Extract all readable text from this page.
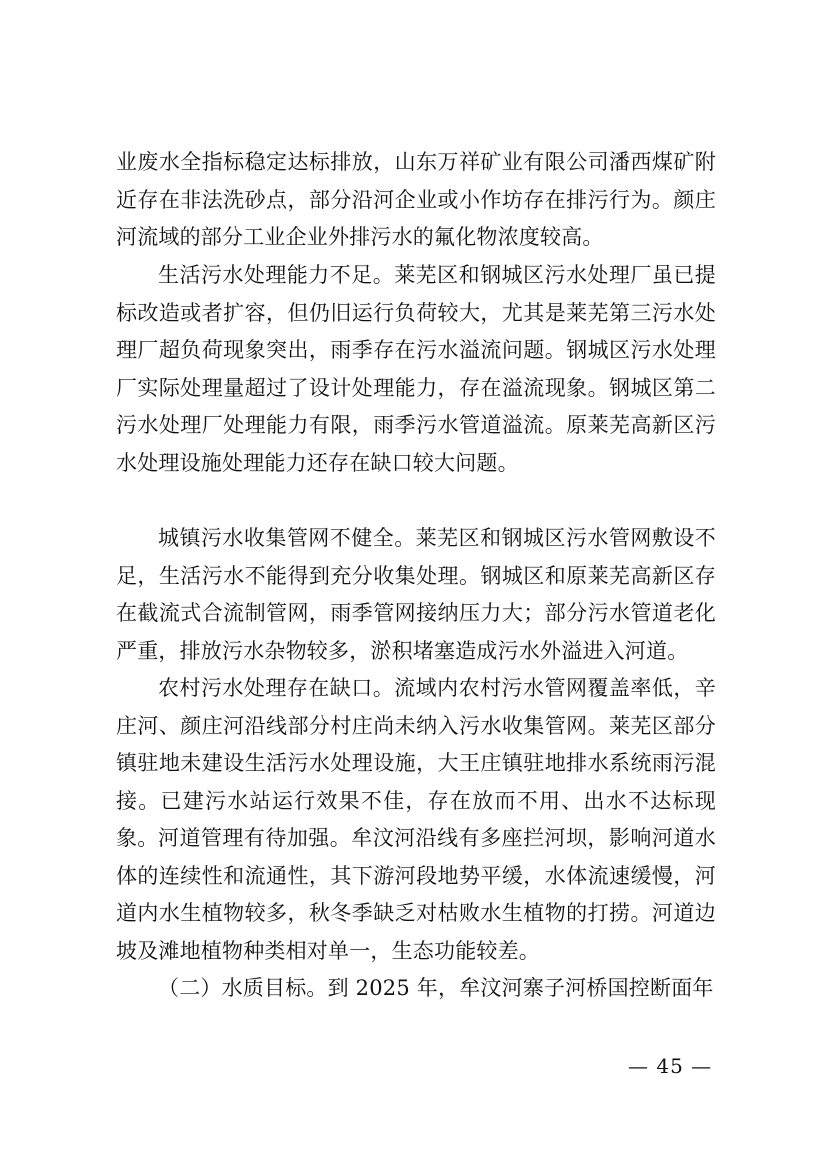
业废水全指标稳定达标排放，山东万祥矿业有限公司潘西煤矿附近存在非法洗砂点，部分沿河企业或小作坊存在排污行为。颜庄河流域的部分工业企业外排污水的氟化物浓度较高。

生活污水处理能力不足。莱芜区和钢城区污水处理厂虽已提标改造或者扩容，但仍旧运行负荷较大，尤其是莱芜第三污水处理厂超负荷现象突出，雨季存在污水溢流问题。钢城区污水处理厂实际处理量超过了设计处理能力，存在溢流现象。钢城区第二污水处理厂处理能力有限，雨季污水管道溢流。原莱芜高新区污水处理设施处理能力还存在缺口较大问题。

城镇污水收集管网不健全。莱芜区和钢城区污水管网敷设不足，生活污水不能得到充分收集处理。钢城区和原莱芜高新区存在截流式合流制管网，雨季管网接纳压力大；部分污水管道老化严重，排放污水杂物较多，淤积堵塞造成污水外溢进入河道。

农村污水处理存在缺口。流域内农村污水管网覆盖率低，辛庄河、颜庄河沿线部分村庄尚未纳入污水收集管网。莱芜区部分镇驻地未建设生活污水处理设施，大王庄镇驻地排水系统雨污混接。已建污水站运行效果不佳，存在放而不用、出水不达标现象。 河道管理有待加强。牟汶河沿线有多座拦河坝，影响河道水体的连续性和流通性，其下游河段地势平缓，水体流速缓慢，河道内水生植物较多，秋冬季缺乏对枯败水生植物的打捞。河道边坡及滩地植物种类相对单一，生态功能较差。

（二）水质目标。到 2025 年，牟汶河寨子河桥国控断面年

— 45 —
